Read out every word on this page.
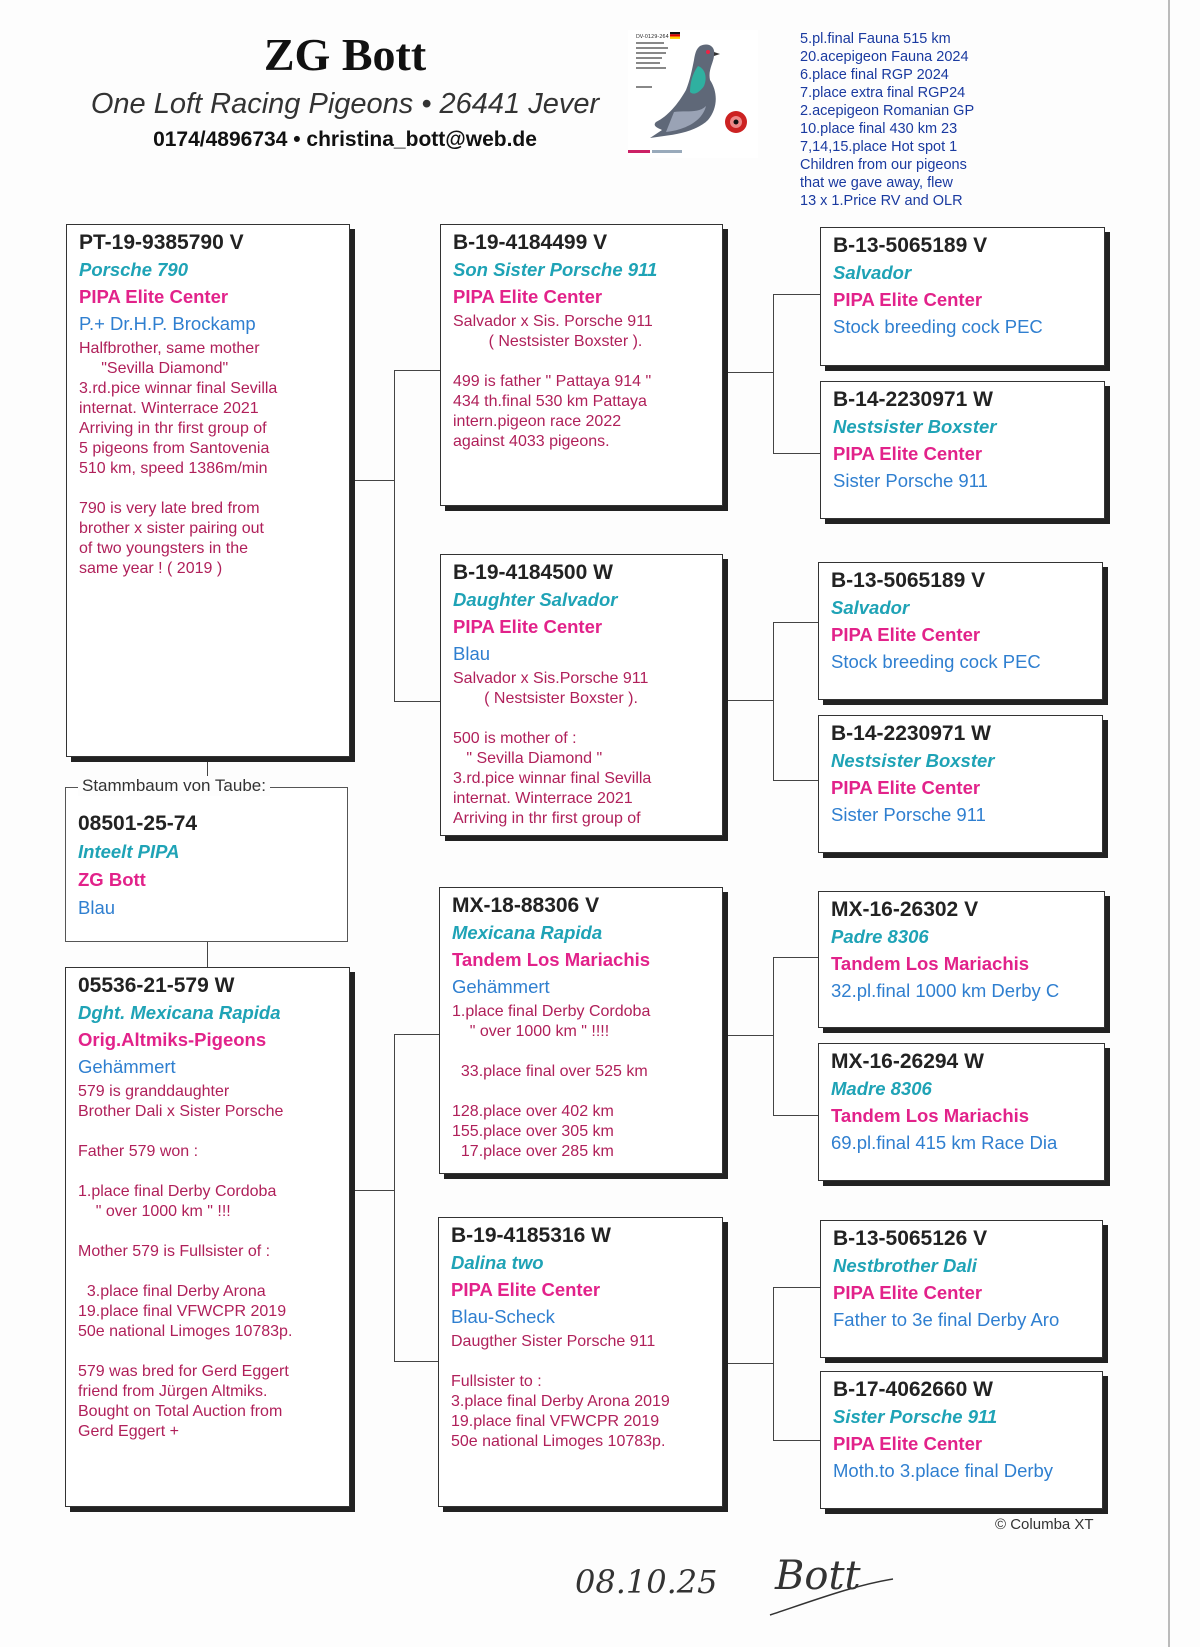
ZG Bott
One Loft Racing Pigeons • 26441 Jever
0174/4896734 • christina_bott@web.de
DV-0129-264	5.pl.final Fauna 515 km
20.acepigeon Fauna 2024
6.place final RGP 2024
7.place extra final RGP24
2.acepigeon Romanian GP
10.place final 430 km 23
7,14,15.place Hot spot 1
Children from our pigeons
that we gave away, flew
13 x 1.Price RV and OLR
PT-19-9385790 V
Porsche 790
PIPA Elite Center
P.+ Dr.H.P. Brockamp
Halfbrother, same mother
"Sevilla Diamond"
3.rd.pice winnar final Sevilla
internat. Winterrace 2021
Arriving in thr first group of
5 pigeons from Santovenia
510 km, speed 1386m/min
790 is very late bred from
brother x sister pairing out
of two youngsters in the
same year ! ( 2019 )
Stammbaum von Taube:
08501-25-74
Inteelt PIPA
ZG Bott
Blau
05536-21-579 W
Dght. Mexicana Rapida
Orig.Altmiks-Pigeons
Gehämmert
579 is granddaughter
Brother Dali x Sister Porsche
Father 579 won :
1.place final Derby Cordoba
" over 1000 km " !!!
Mother 579 is Fullsister of :
3.place final Derby Arona
19.place final VFWCPR 2019
50e national Limoges 10783p.
579 was bred for Gerd Eggert
friend from Jürgen Altmiks.
Bought on Total Auction from
Gerd Eggert +
B-19-4184499 V
Son Sister Porsche 911
PIPA Elite Center
Salvador x Sis. Porsche 911
( Nestsister Boxster ).
499 is father " Pattaya 914 "
434 th.final 530 km Pattaya
intern.pigeon race 2022
against 4033 pigeons.
B-19-4184500 W
Daughter Salvador
PIPA Elite Center
Blau
Salvador x Sis.Porsche 911
( Nestsister Boxster ).
500 is mother of :
" Sevilla Diamond "
3.rd.pice winnar final Sevilla
internat. Winterrace 2021
Arriving in thr first group of
MX-18-88306 V
Mexicana Rapida
Tandem Los Mariachis
Gehämmert
1.place final Derby Cordoba
" over 1000 km " !!!!
33.place final over 525 km
128.place over 402 km
155.place over 305 km
17.place over 285 km
B-19-4185316 W
Dalina two
PIPA Elite Center
Blau-Scheck
Daugther Sister Porsche 911
Fullsister to :
3.place final Derby Arona 2019
19.place final VFWCPR 2019
50e national Limoges 10783p.
B-13-5065189 V
Salvador
PIPA Elite Center
Stock breeding cock PEC
B-14-2230971 W
Nestsister Boxster
PIPA Elite Center
Sister Porsche 911
B-13-5065189 V
Salvador
PIPA Elite Center
Stock breeding cock PEC
B-14-2230971 W
Nestsister Boxster
PIPA Elite Center
Sister Porsche 911
MX-16-26302 V
Padre 8306
Tandem Los Mariachis
32.pl.final 1000 km Derby C
MX-16-26294 W
Madre 8306
Tandem Los Mariachis
69.pl.final 415 km Race Dia
B-13-5065126 V
Nestbrother Dali
PIPA Elite Center
Father to 3e final Derby Aro
B-17-4062660 W
Sister Porsche 911
PIPA Elite Center
Moth.to 3.place final Derby
© Columba XT
08.10.25 Bott
